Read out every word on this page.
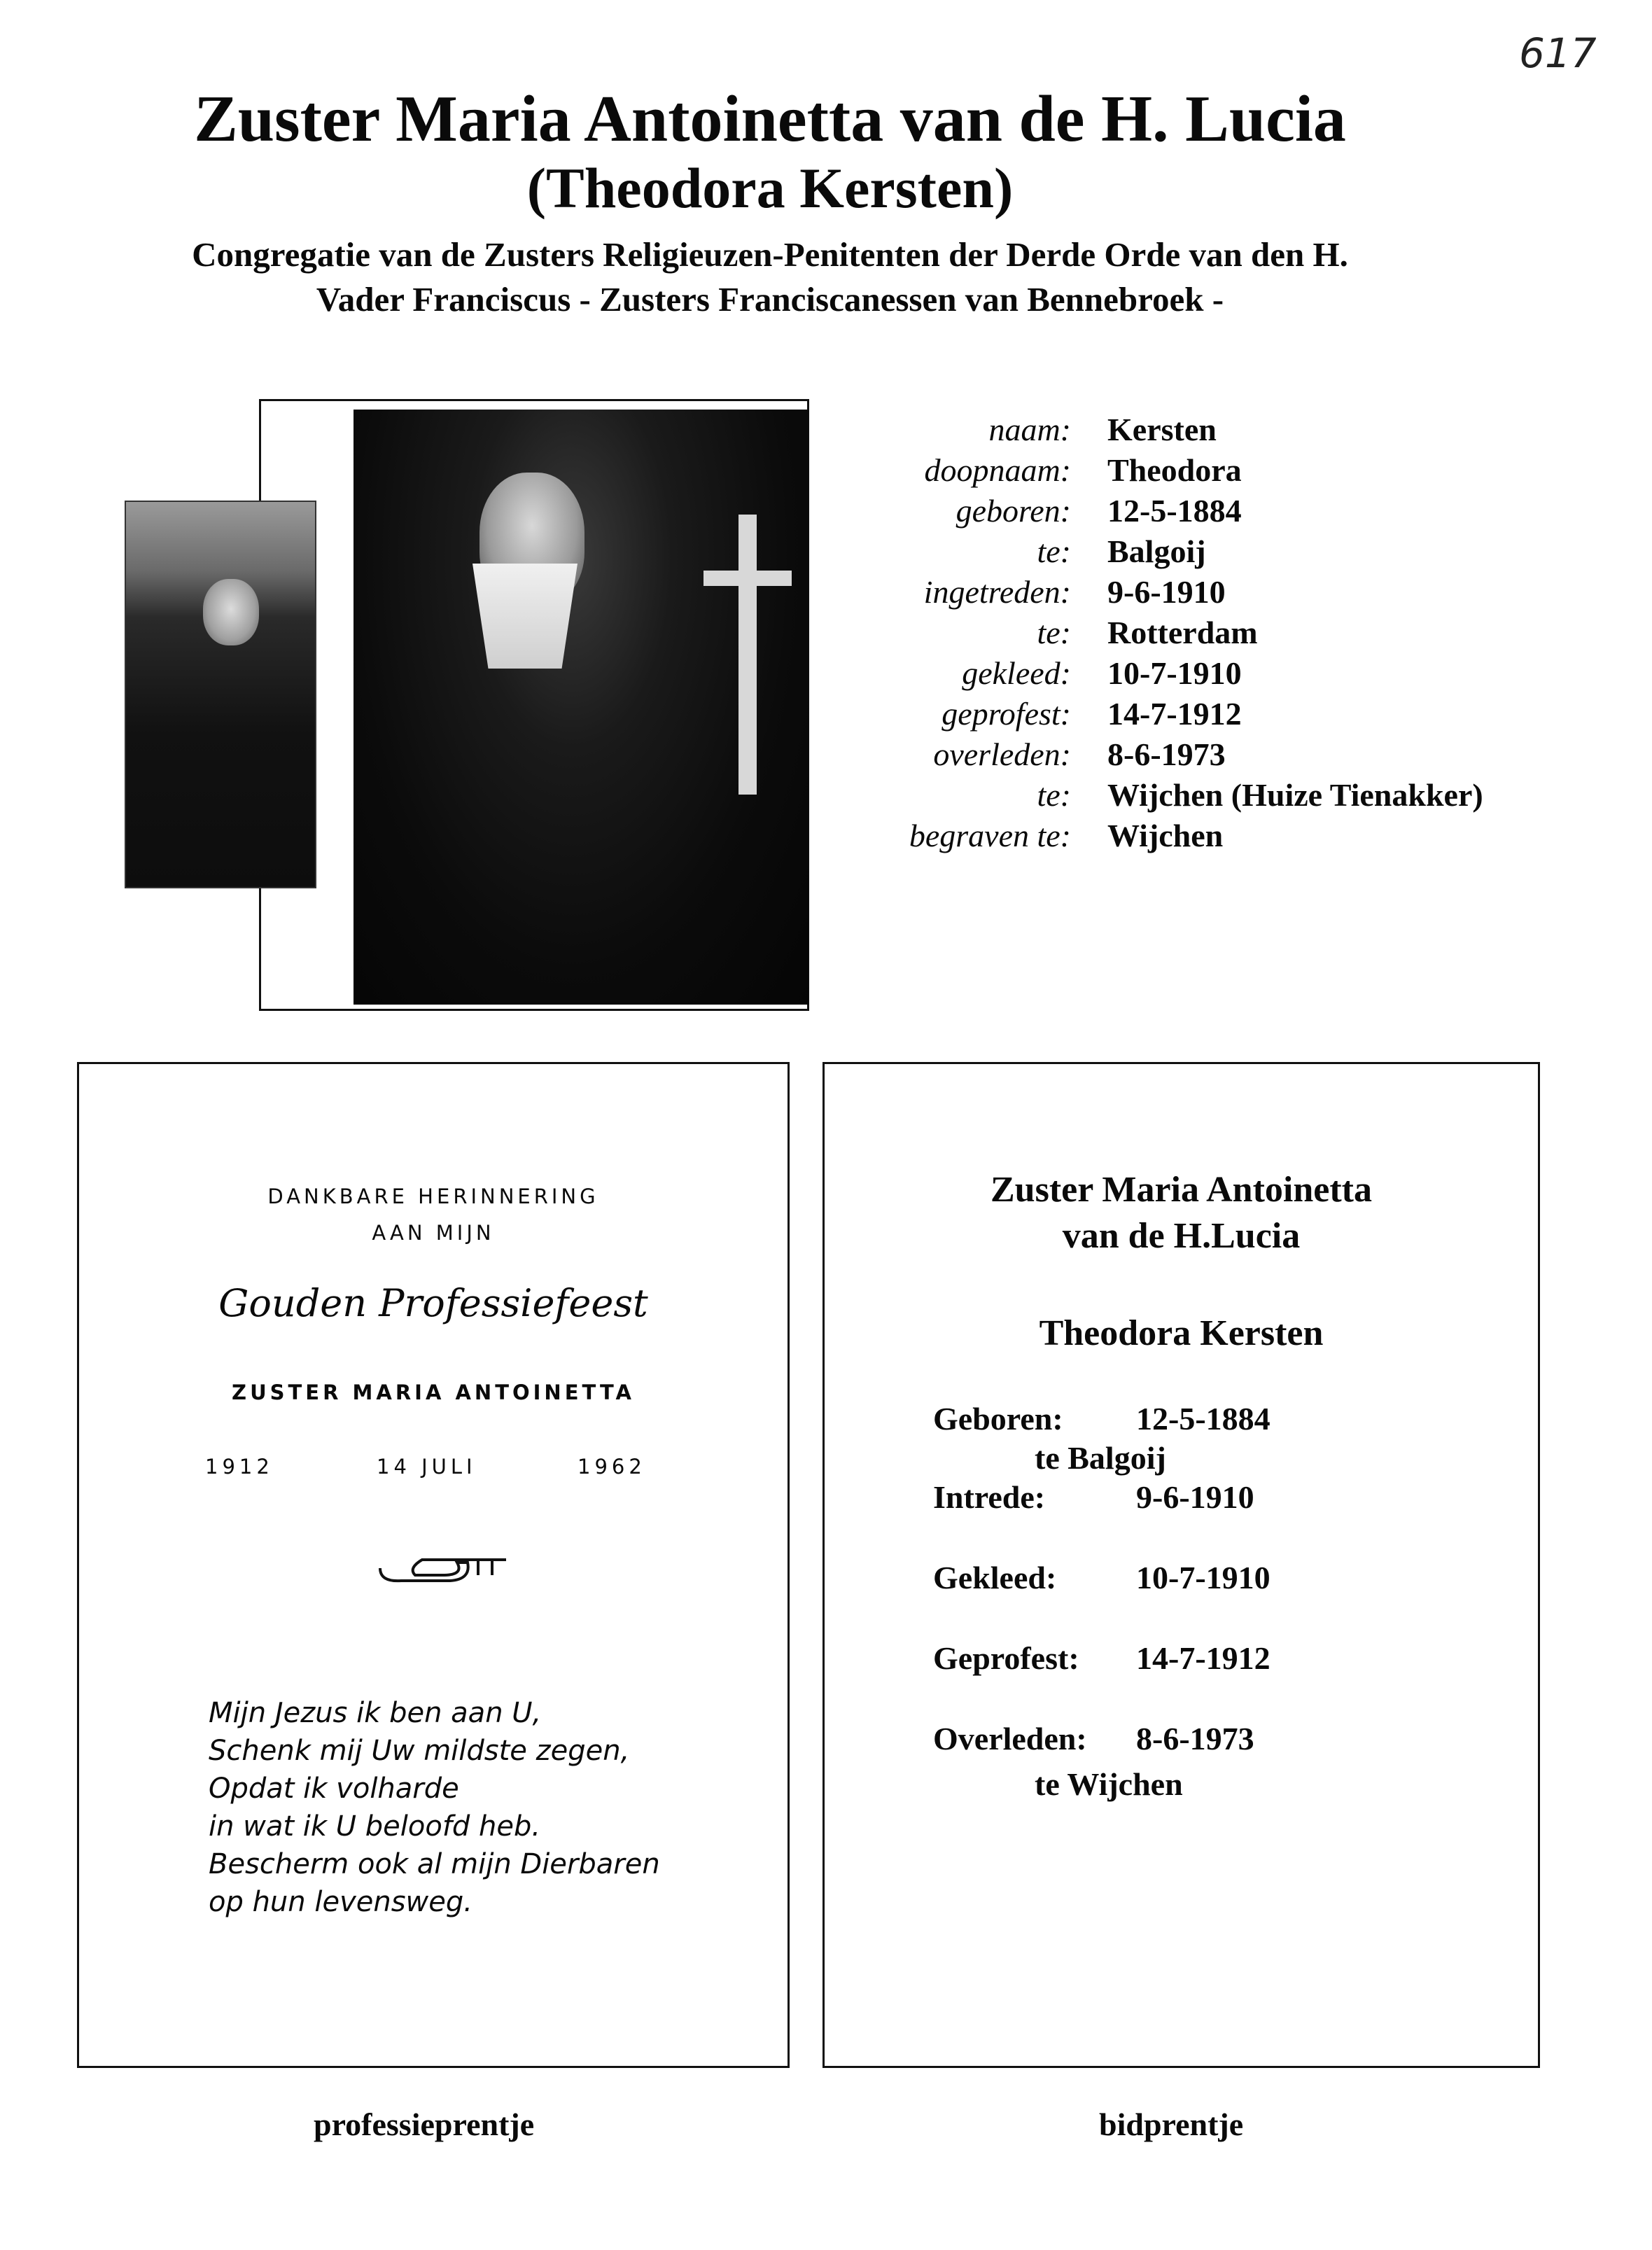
617
Zuster Maria Antoinetta van de H. Lucia
(Theodora Kersten)
Congregatie van de Zusters Religieuzen-Penitenten der Derde Orde van den H.
Vader Franciscus - Zusters Franciscanessen van Bennebroek -
naam:	Kersten
doopnaam:	Theodora
geboren:	12-5-1884
te:	Balgoij
ingetreden:	9-6-1910
te:	Rotterdam
gekleed:	10-7-1910
geprofest:	14-7-1912
overleden:	8-6-1973
te:	Wijchen (Huize Tienakker)
begraven te:	Wijchen
DANKBARE HERINNERING
AAN MIJN
Gouden Professiefeest
ZUSTER MARIA ANTOINETTA
1912	14 JULI	1962
Mijn Jezus ik ben aan U,
Schenk mij Uw mildste zegen,
Opdat ik volharde
in wat ik U beloofd heb.
Bescherm ook al mijn Dierbaren
op hun levensweg.
Zuster Maria Antoinetta
van de H.Lucia
Theodora Kersten
Geboren: 12-5-1884
te Balgoij
Intrede:	9-6-1910
Gekleed: 10-7-1910
Geprofest: 14-7-1912
Overleden: 8-6-1973
te Wijchen
professieprentje	bidprentje
